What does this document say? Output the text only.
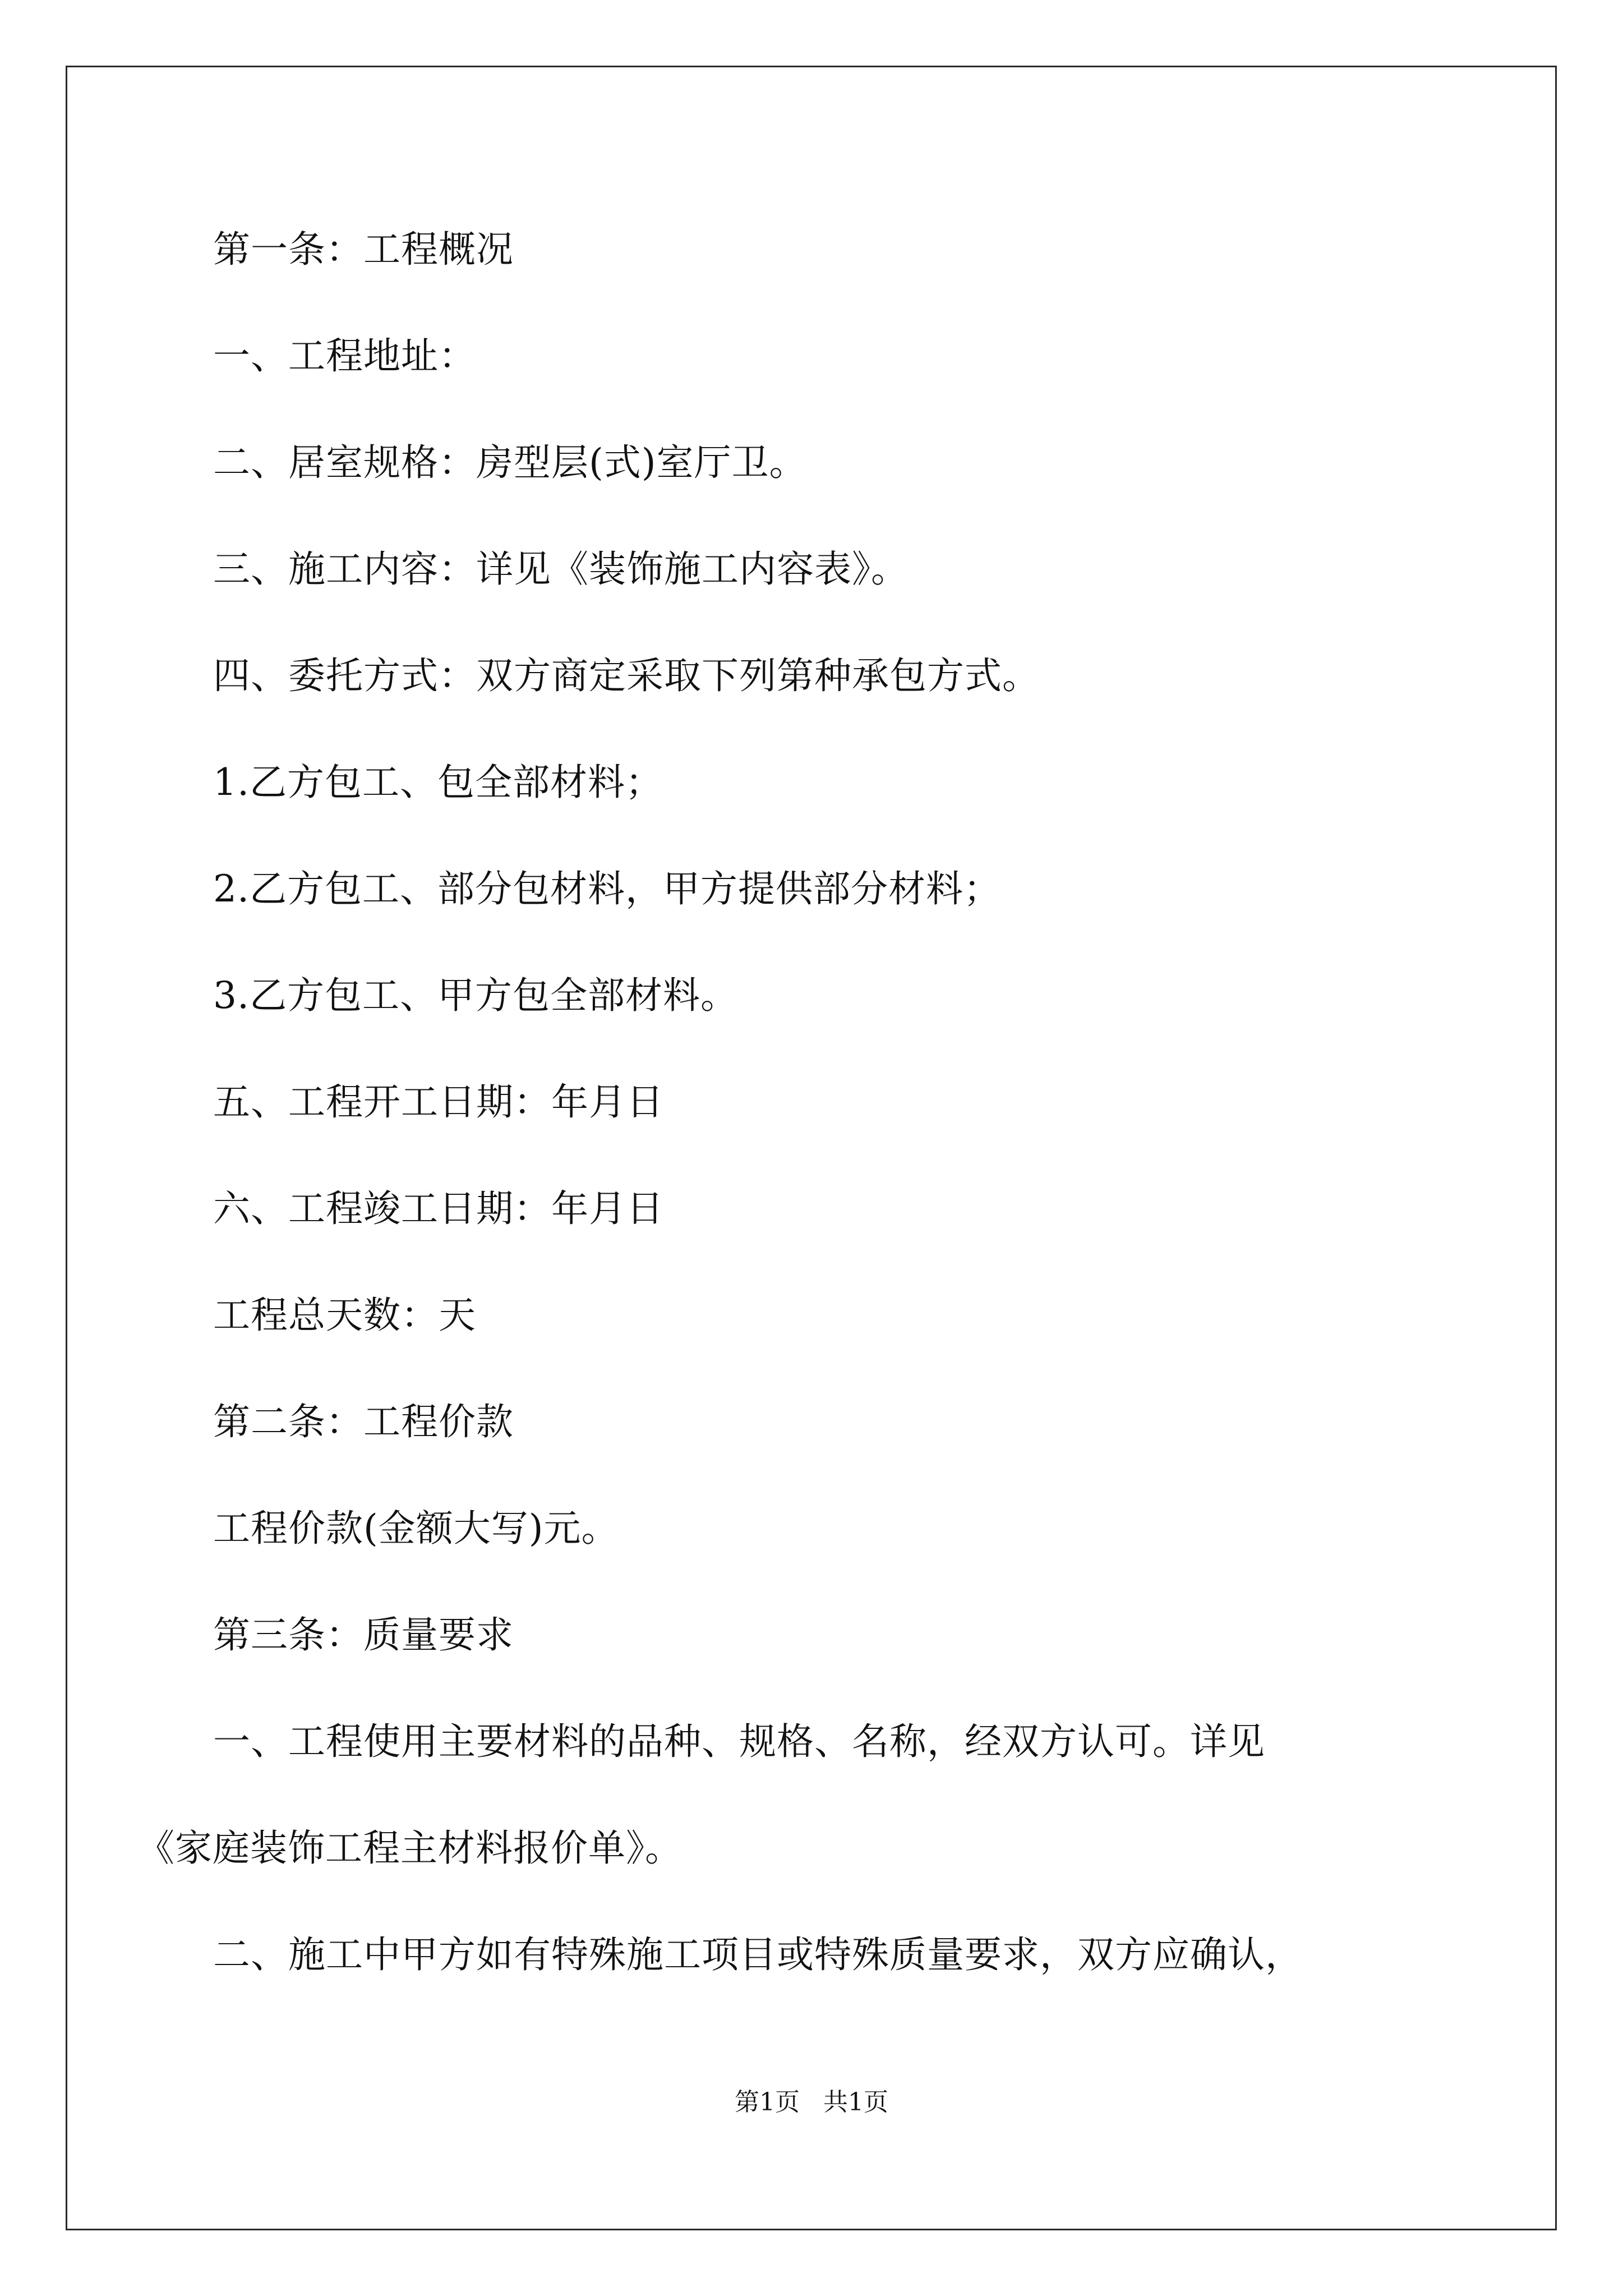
第一条：工程概况
一、工程地址：
二、居室规格：房型层(式)室厅卫。
三、施工内容：详见《装饰施工内容表》。
四、委托方式：双方商定采取下列第种承包方式。
1.乙方包工、包全部材料；
2.乙方包工、部分包材料，甲方提供部分材料；
3.乙方包工、甲方包全部材料。
五、工程开工日期：年月日
六、工程竣工日期：年月日
工程总天数：天
第二条：工程价款
工程价款(金额大写)元。
第三条：质量要求
一、工程使用主要材料的品种、规格、名称，经双方认可。详见
《家庭装饰工程主材料报价单》。
二、施工中甲方如有特殊施工项目或特殊质量要求，双方应确认，
第1页   共1页
